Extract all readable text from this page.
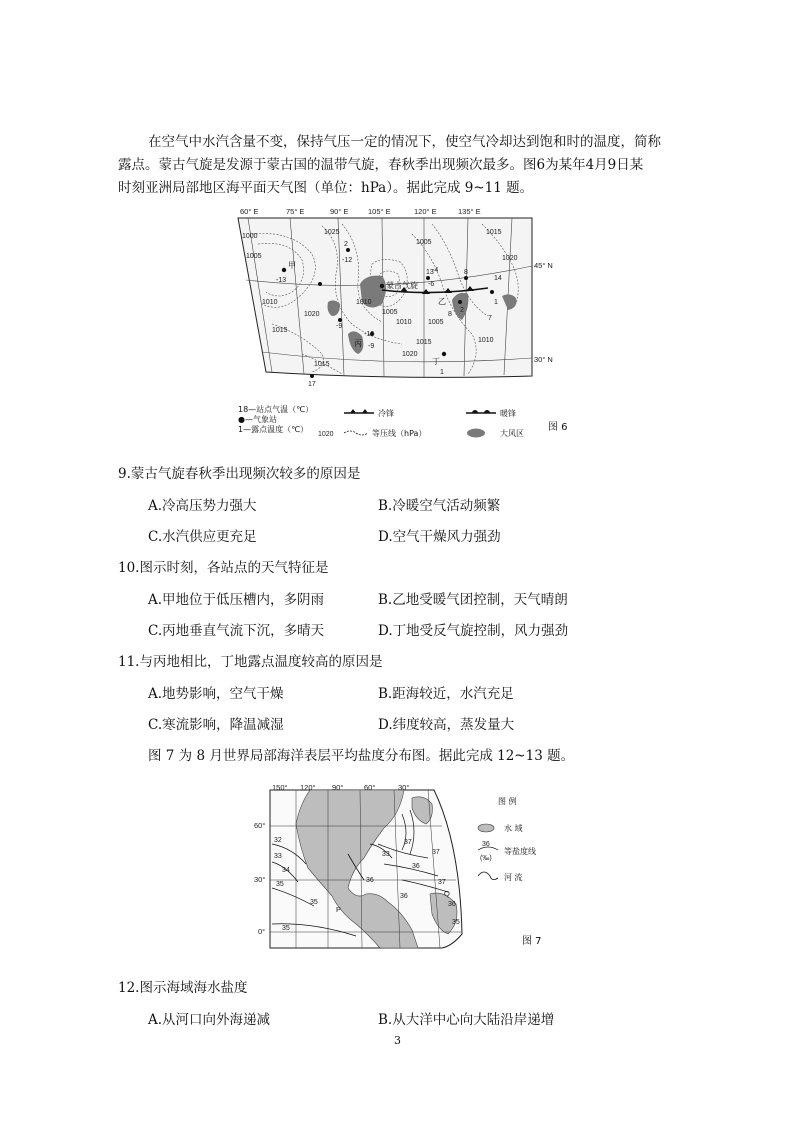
在空气中水汽含量不变，保持气压一定的情况下，使空气冷却达到饱和时的温度，简称
露点。蒙古气旋是发源于蒙古国的温带气旋，春秋季出现频次最多。图6为某年4月9日某
时刻亚洲局部地区海平面天气图（单位：hPa）。据此完成 9~11 题。
甲
乙
丙
丁
蒙古气旋
2
-12
-13
-10
-4
-9
13
-6
8
2
14
1
17
1
-9
7
8
1000
1005
1010
1015
1020
1025
1005
1010
1015
1020
1005
1010
1015
1015
1020
1005
1010
60° E	75° E	90° E	105° E	120° E	135° E
45° N
30° N
18—站点气温（℃）
●—气象站
1—露点温度（℃）
冷锋
1020	等压线（hPa）
暖锋
大风区
图 6
9.蒙古气旋春秋季出现频次较多的原因是
A.冷高压势力强大	B.冷暖空气活动频繁
C.水汽供应更充足	D.空气干燥风力强劲
10.图示时刻，各站点的天气特征是
A.甲地位于低压槽内，多阴雨	B.乙地受暖气团控制，天气晴朗
C.丙地垂直气流下沉，多晴天	D.丁地受反气旋控制，风力强劲
11.与丙地相比，丁地露点温度较高的原因是
A.地势影响，空气干燥	B.距海较近，水汽充足
C.寒流影响，降温减湿	D.纬度较高，蒸发量大
图 7 为 8 月世界局部海洋表层平均盐度分布图。据此完成 12~13 题。
150° 120° 90°	60°	30°
60°
30°
0°
P
Q
32
33
34
35
33
35
37
36
35
36
37
36
35
37
36
图 例
水 域
36
(‰)
等盐度线
河 流
图 7
12.图示海域海水盐度
A.从河口向外海递减	B.从大洋中心向大陆沿岸递增
3
